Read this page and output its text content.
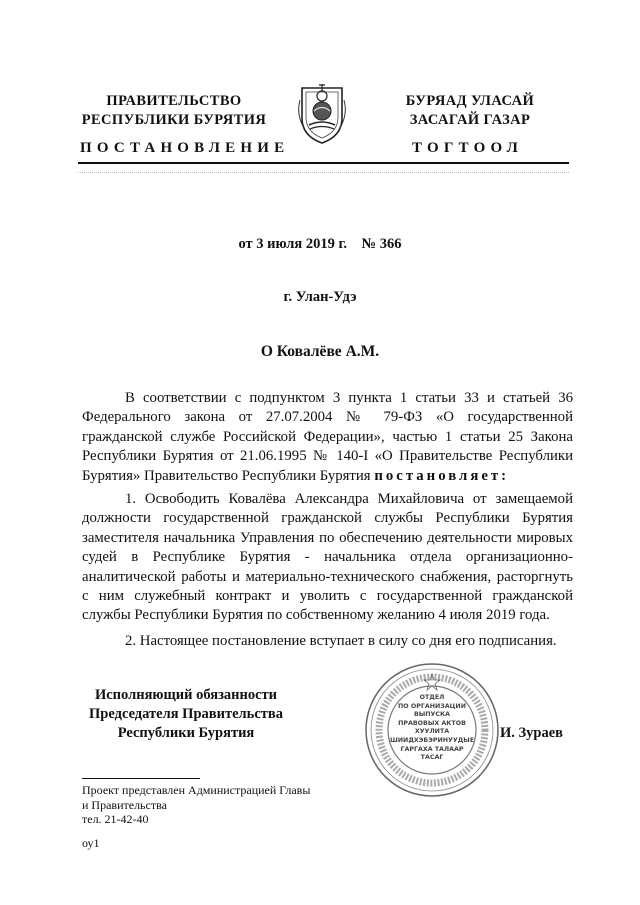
ПРАВИТЕЛЬСТВО
РЕСПУБЛИКИ БУРЯТИЯ
БУРЯАД УЛАСАЙ
ЗАСАГАЙ ГАЗАР
ПОСТАНОВЛЕНИЕ	ТОГТООЛ
от 3 июля 2019 г.    № 366
г. Улан-Удэ
О Ковалёве А.М.
В соответствии с подпунктом 3 пункта 1 статьи 33 и статьей 36 Федерального закона от 27.07.2004 № 79-ФЗ «О государственной гражданской службе Российской Федерации», частью 1 статьи 25 Закона Республики Бурятия от 21.06.1995 № 140-I «О Правительстве Республики Бурятия» Правительство Республики Бурятия постановляет:
1. Освободить Ковалёва Александра Михайловича от замещаемой должности государственной гражданской службы Республики Бурятия заместителя начальника Управления по обеспечению деятельности мировых судей в Республике Бурятия - начальника отдела организационно-аналитической работы и материально-технического снабжения, расторгнуть с ним служебный контракт и уволить с государственной гражданской службы Республики Бурятия по собственному желанию 4 июля 2019 года.
2. Настоящее постановление вступает в силу со дня его подписания.
Исполняющий обязанности
Председателя Правительства
Республики Бурятия
ОТДЕЛ
ПО ОРГАНИЗАЦИИ
ВЫПУСКА
ПРАВОВЫХ АКТОВ
ХУУЛИТА
ШИИДХЭБЭРИНУУДЫЕ
ГАРГАХА ТАЛААР
ТАСАГ
И. Зураев
Проект представлен Администрацией Главы
и Правительства
тел. 21-42-40
оу1
